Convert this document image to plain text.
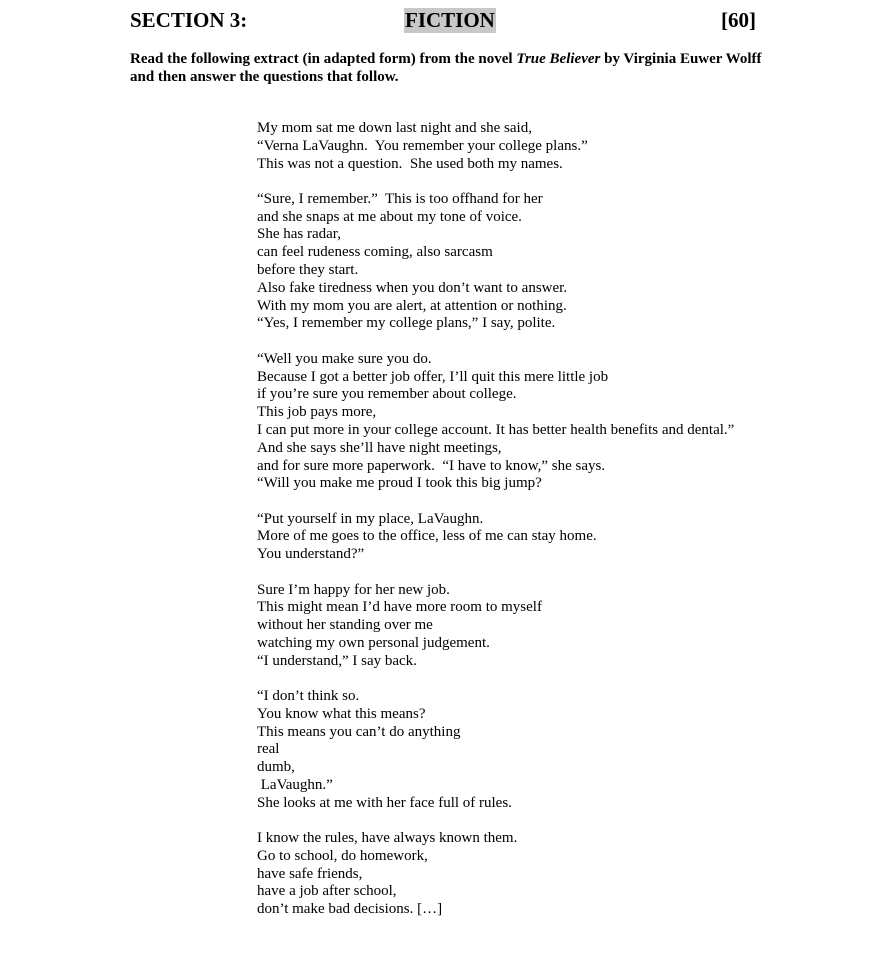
SECTION 3:	FICTION	[60]
Read the following extract (in adapted form) from the novel True Believer by Virginia Euwer Wolff and then answer the questions that follow.
My mom sat me down last night and she said,
“Verna LaVaughn.  You remember your college plans.”
This was not a question.  She used both my names.
“Sure, I remember.”  This is too offhand for her
and she snaps at me about my tone of voice.
She has radar,
can feel rudeness coming, also sarcasm
before they start.
Also fake tiredness when you don’t want to answer.
With my mom you are alert, at attention or nothing.
“Yes, I remember my college plans,” I say, polite.
“Well you make sure you do.
Because I got a better job offer, I’ll quit this mere little job
if you’re sure you remember about college.
This job pays more,
I can put more in your college account. It has better health benefits and dental.”
And she says she’ll have night meetings,
and for sure more paperwork.  “I have to know,” she says.
“Will you make me proud I took this big jump?
“Put yourself in my place, LaVaughn.
More of me goes to the office, less of me can stay home.
You understand?”
Sure I’m happy for her new job.
This might mean I’d have more room to myself
without her standing over me
watching my own personal judgement.
“I understand,” I say back.
“I don’t think so.
You know what this means?
This means you can’t do anything
real
dumb,
LaVaughn.”
She looks at me with her face full of rules.
I know the rules, have always known them.
Go to school, do homework,
have safe friends,
have a job after school,
don’t make bad decisions. […]
